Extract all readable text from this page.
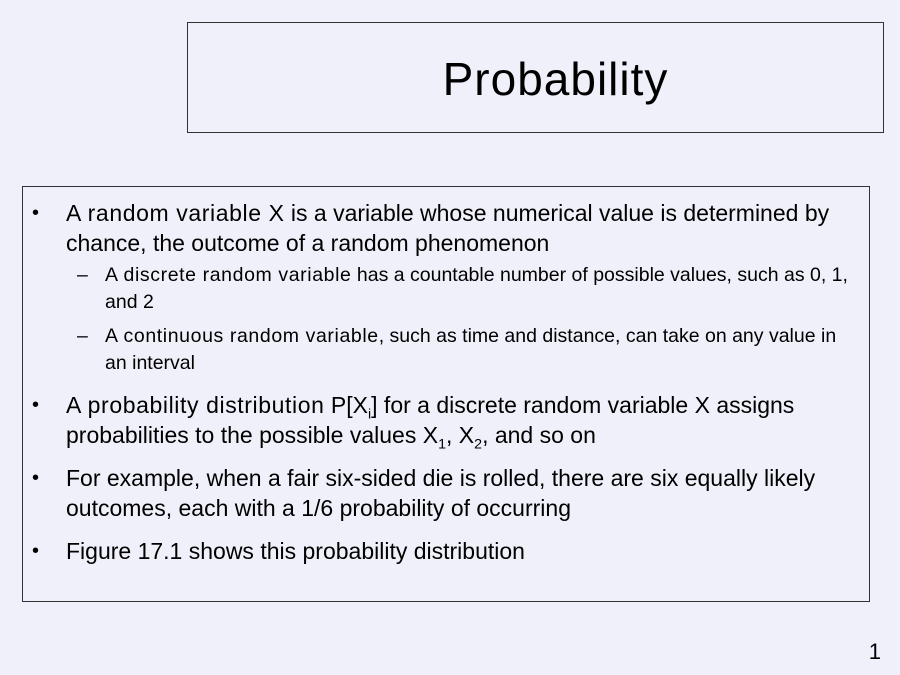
Probability
• A random variable X is a variable whose numerical value is determined by chance, the outcome of a random phenomenon
– A discrete random variable has a countable number of possible values, such as 0, 1, and 2
– A continuous random variable, such as time and distance, can take on any value in an interval
• A probability distribution $P[X_i]$ for a discrete random variable X assigns probabilities to the possible values $X_1$, $X_2$, and so on
• For example, when a fair six-sided die is rolled, there are six equally likely outcomes, each with a 1/6 probability of occurring
• Figure 17.1 shows this probability distribution
1
